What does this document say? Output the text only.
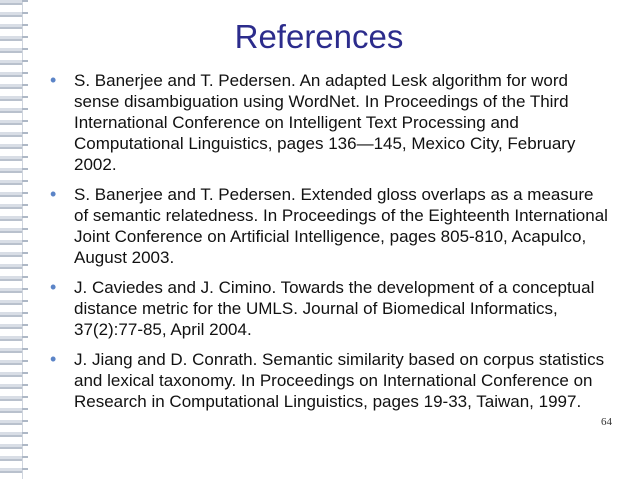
References
•	S. Banerjee and T. Pedersen. An adapted Lesk algorithm for word sense disambiguation using WordNet. In Proceedings of the Third International Conference on Intelligent Text Processing and Computational Linguistics, pages 136—145, Mexico City, February 2002.
•	S. Banerjee and T. Pedersen. Extended gloss overlaps as a measure of semantic relatedness. In Proceedings of the Eighteenth International Joint Conference on Artificial Intelligence, pages 805-810, Acapulco, August 2003.
•	J. Caviedes and J. Cimino. Towards the development of a conceptual distance metric for the UMLS. Journal of Biomedical Informatics, 37(2):77-85, April 2004.
•	J. Jiang and D. Conrath. Semantic similarity based on corpus statistics and lexical taxonomy. In Proceedings on International Conference on Research in Computational Linguistics, pages 19-33, Taiwan, 1997.
64
